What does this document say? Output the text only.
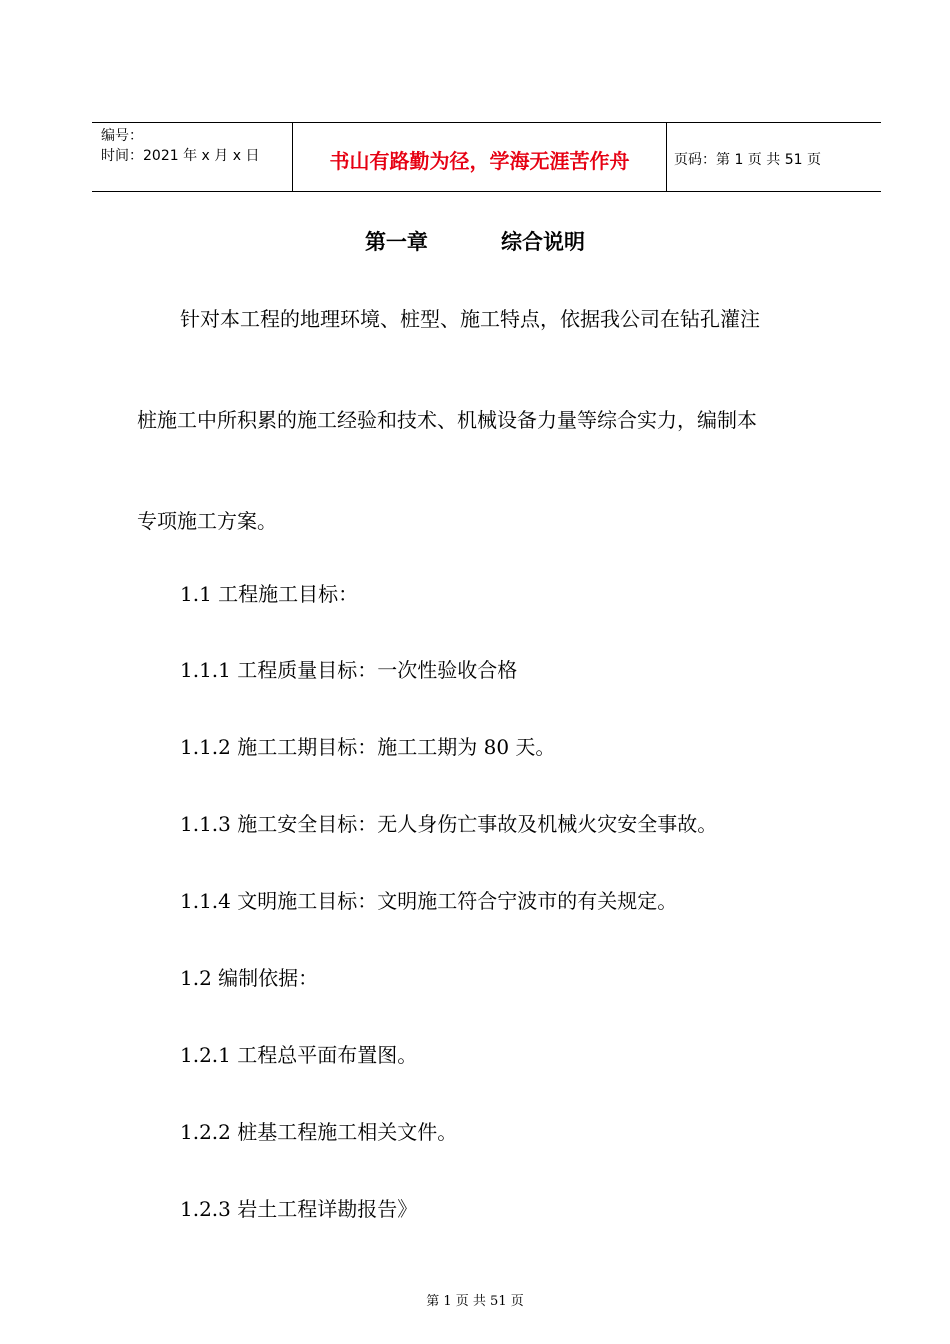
编号：
时间：2021 年 x 月 x 日	书山有路勤为径，学海无涯苦作舟	页码：第 1 页 共 51 页
第一章          综合说明
针对本工程的地理环境、桩型、施工特点，依据我公司在钻孔灌注
桩施工中所积累的施工经验和技术、机械设备力量等综合实力，编制本
专项施工方案。
1.1 工程施工目标：
1.1.1 工程质量目标：一次性验收合格
1.1.2 施工工期目标：施工工期为 80 天。
1.1.3 施工安全目标：无人身伤亡事故及机械火灾安全事故。
1.1.4 文明施工目标：文明施工符合宁波市的有关规定。
1.2 编制依据：
1.2.1 工程总平面布置图。
1.2.2 桩基工程施工相关文件。
1.2.3 岩土工程详勘报告》
第 1 页 共 51 页
